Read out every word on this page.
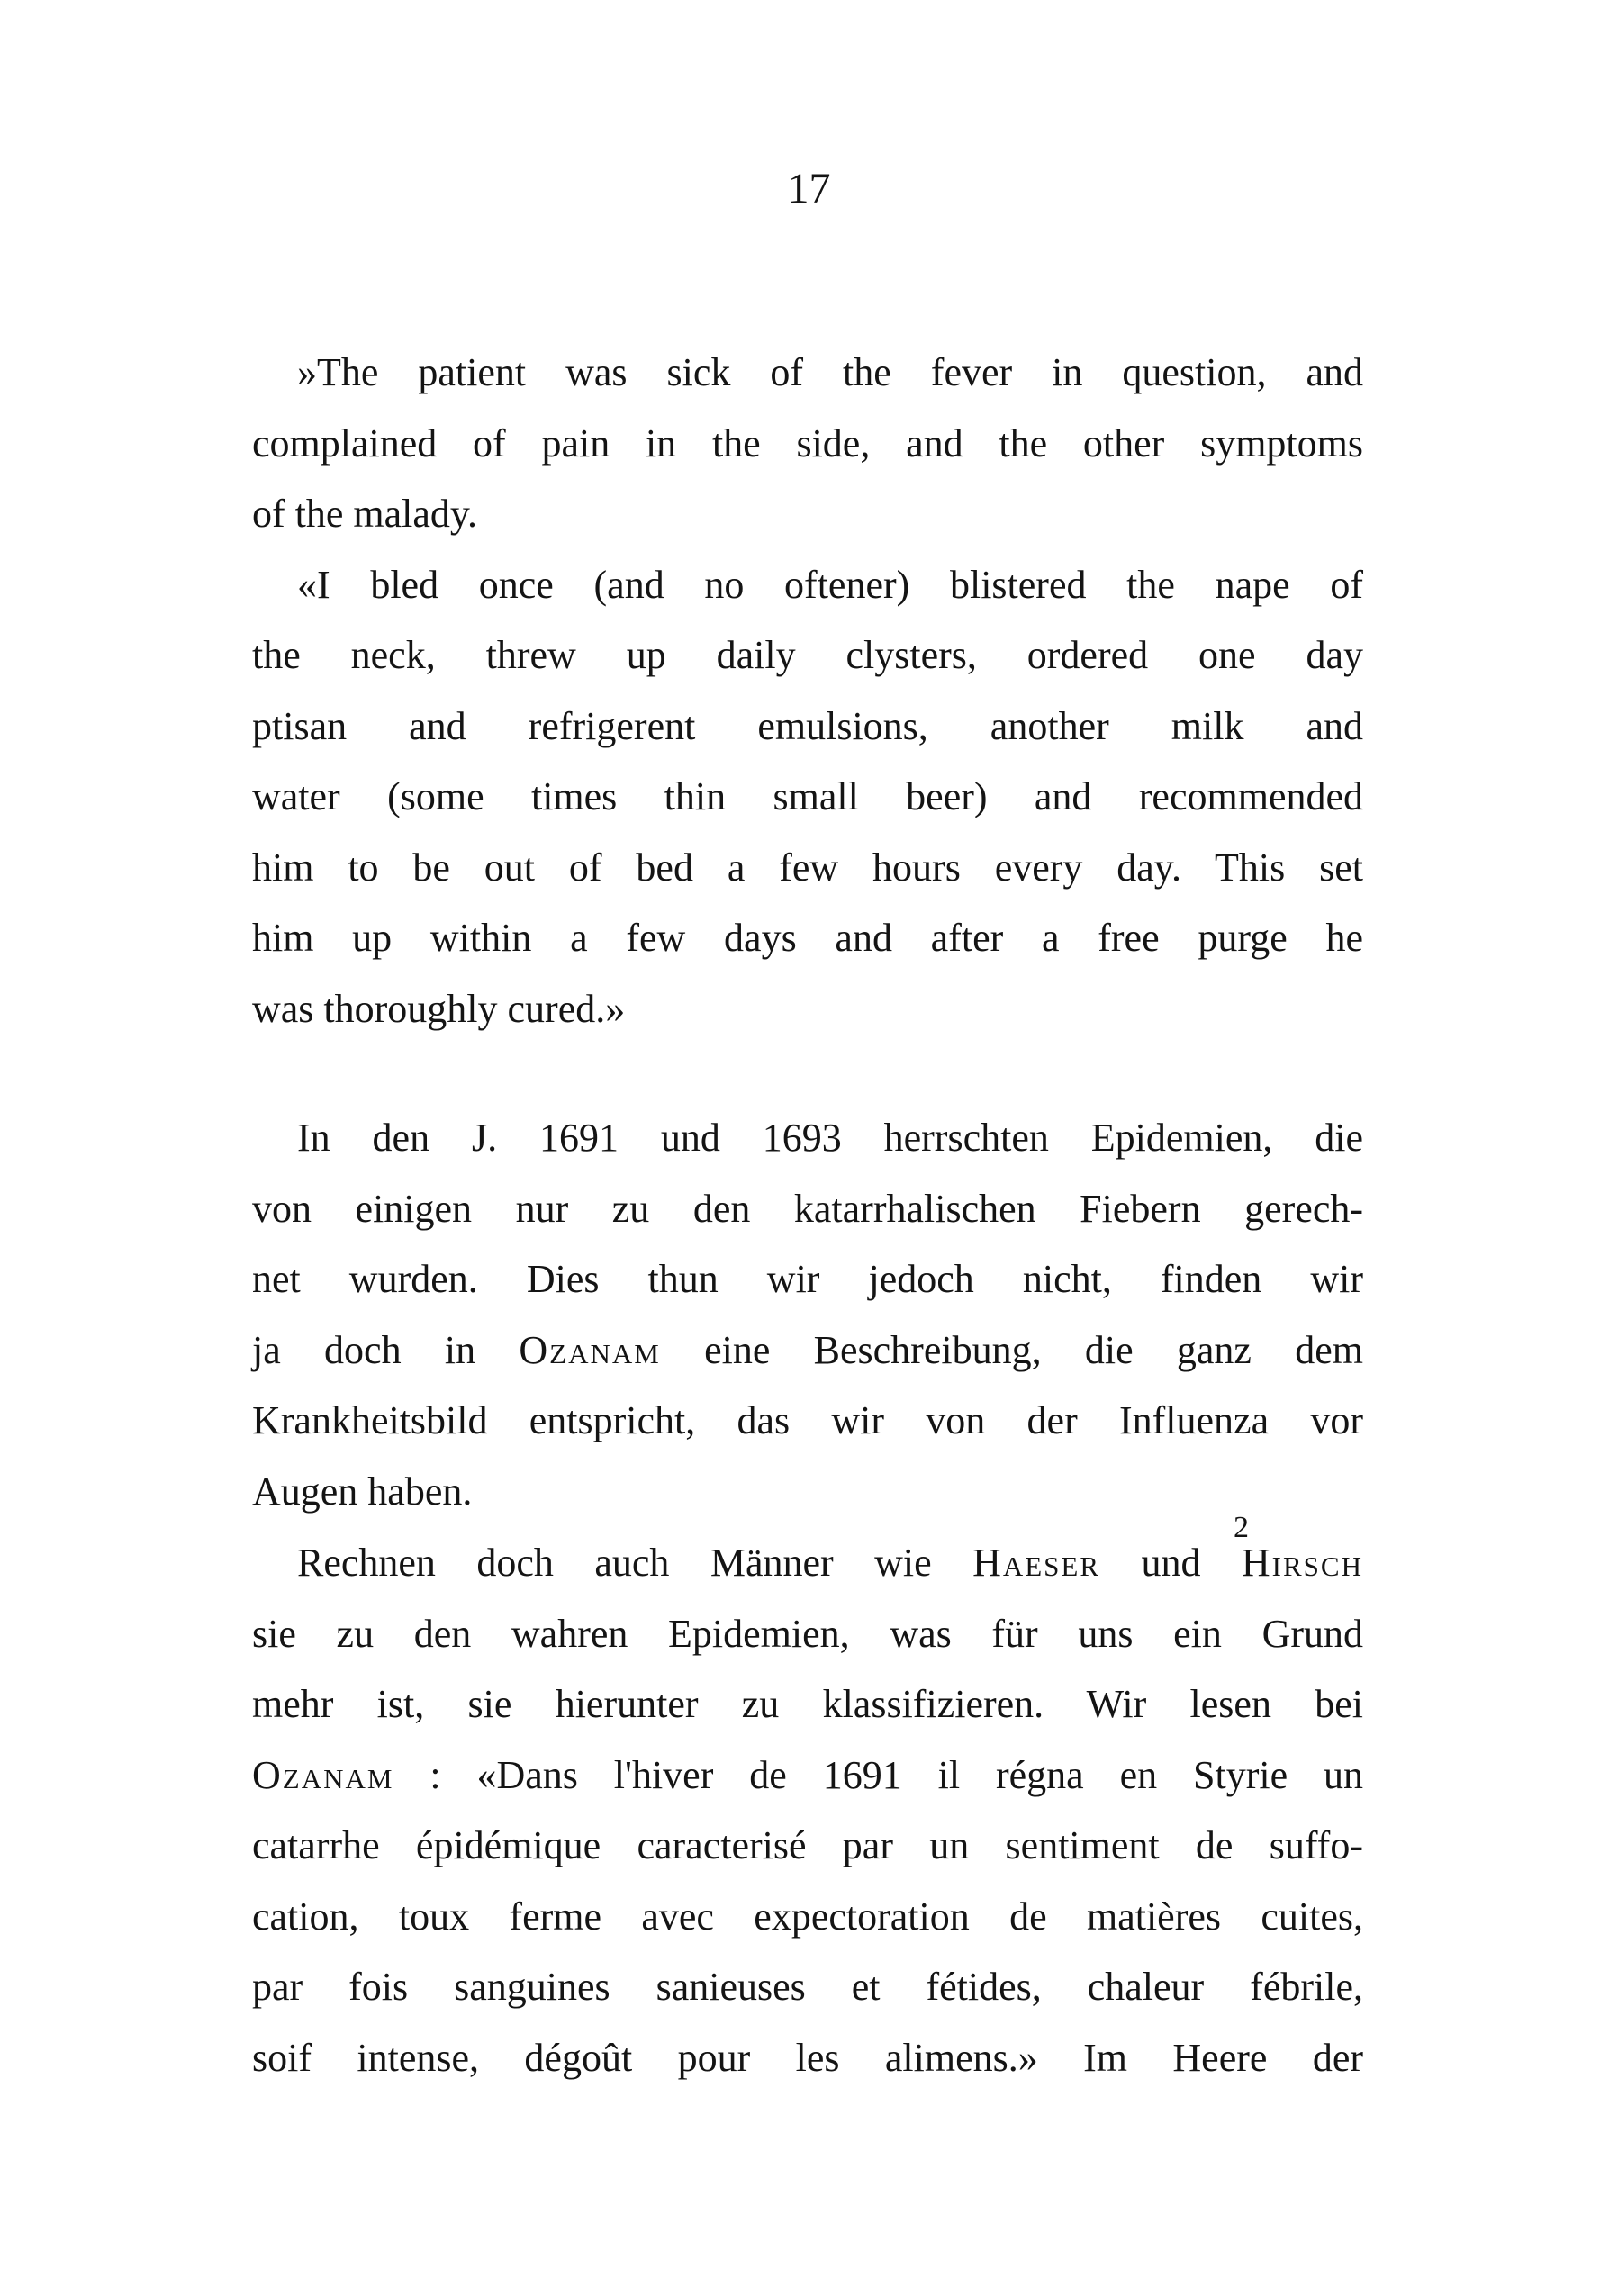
17
»The patient was sick of the fever in question, and
complained of pain in the side, and the other symptoms
of the malady.
«I bled once (and no oftener) blistered the nape of
the neck, threw up daily clysters, ordered one day
ptisan and refrigerent emulsions, another milk and
water (some times thin small beer) and recommended
him to be out of bed a few hours every day. This set
him up within a few days and after a free purge he
was thoroughly cured.»
In den J. 1691 und 1693 herrschten Epidemien, die
von einigen nur zu den katarrhalischen Fiebern gerech-
net wurden. Dies thun wir jedoch nicht, finden wir
ja doch in Ozanam eine Beschreibung, die ganz dem
Krankheitsbild entspricht, das wir von der Influenza vor
Augen haben.
Rechnen doch auch Männer wie Haeser und Hirsch
sie zu den wahren Epidemien, was für uns ein Grund
mehr ist, sie hierunter zu klassifizieren. Wir lesen bei
Ozanam : «Dans l'hiver de 1691 il régna en Styrie un
catarrhe épidémique caracterisé par un sentiment de suffo-
cation, toux ferme avec expectoration de matières cuites,
par fois sanguines sanieuses et fétides, chaleur fébrile,
soif intense, dégoût pour les alimens.» Im Heere der
2
